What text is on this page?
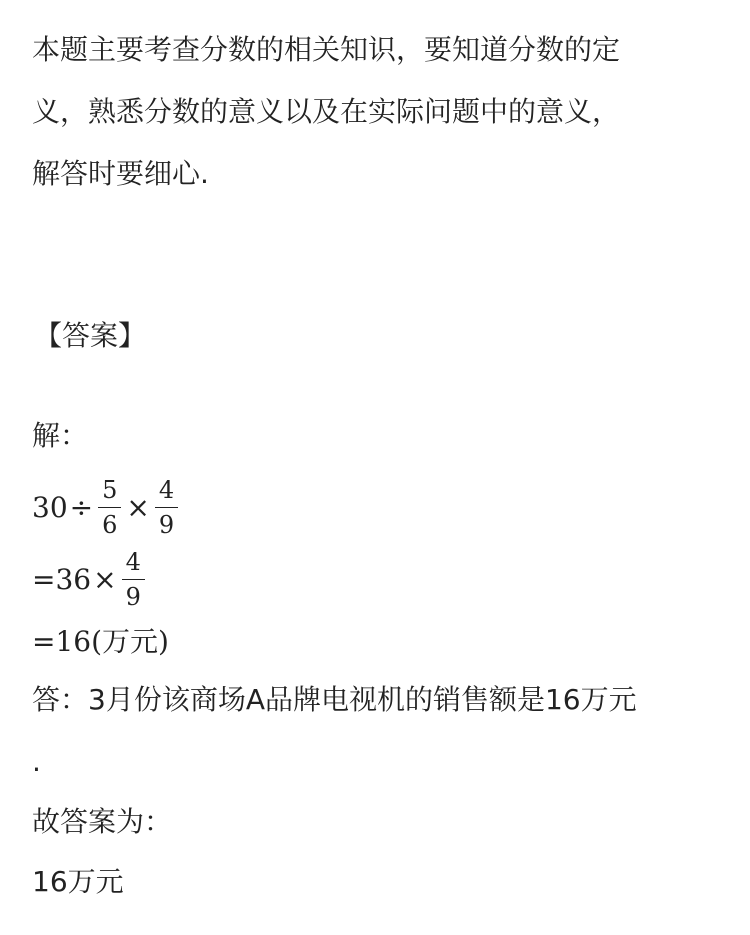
本题主要考查分数的相关知识，要知道分数的定
义，熟悉分数的意义以及在实际问题中的意义，
解答时要细心.
【答案】
解：
$30 \div \frac{5}{6} \times \frac{4}{9}$
$=36 \times \frac{4}{9}$
=16(万元)
答：3月份该商场A品牌电视机的销售额是16万元
.
故答案为：
16万元
